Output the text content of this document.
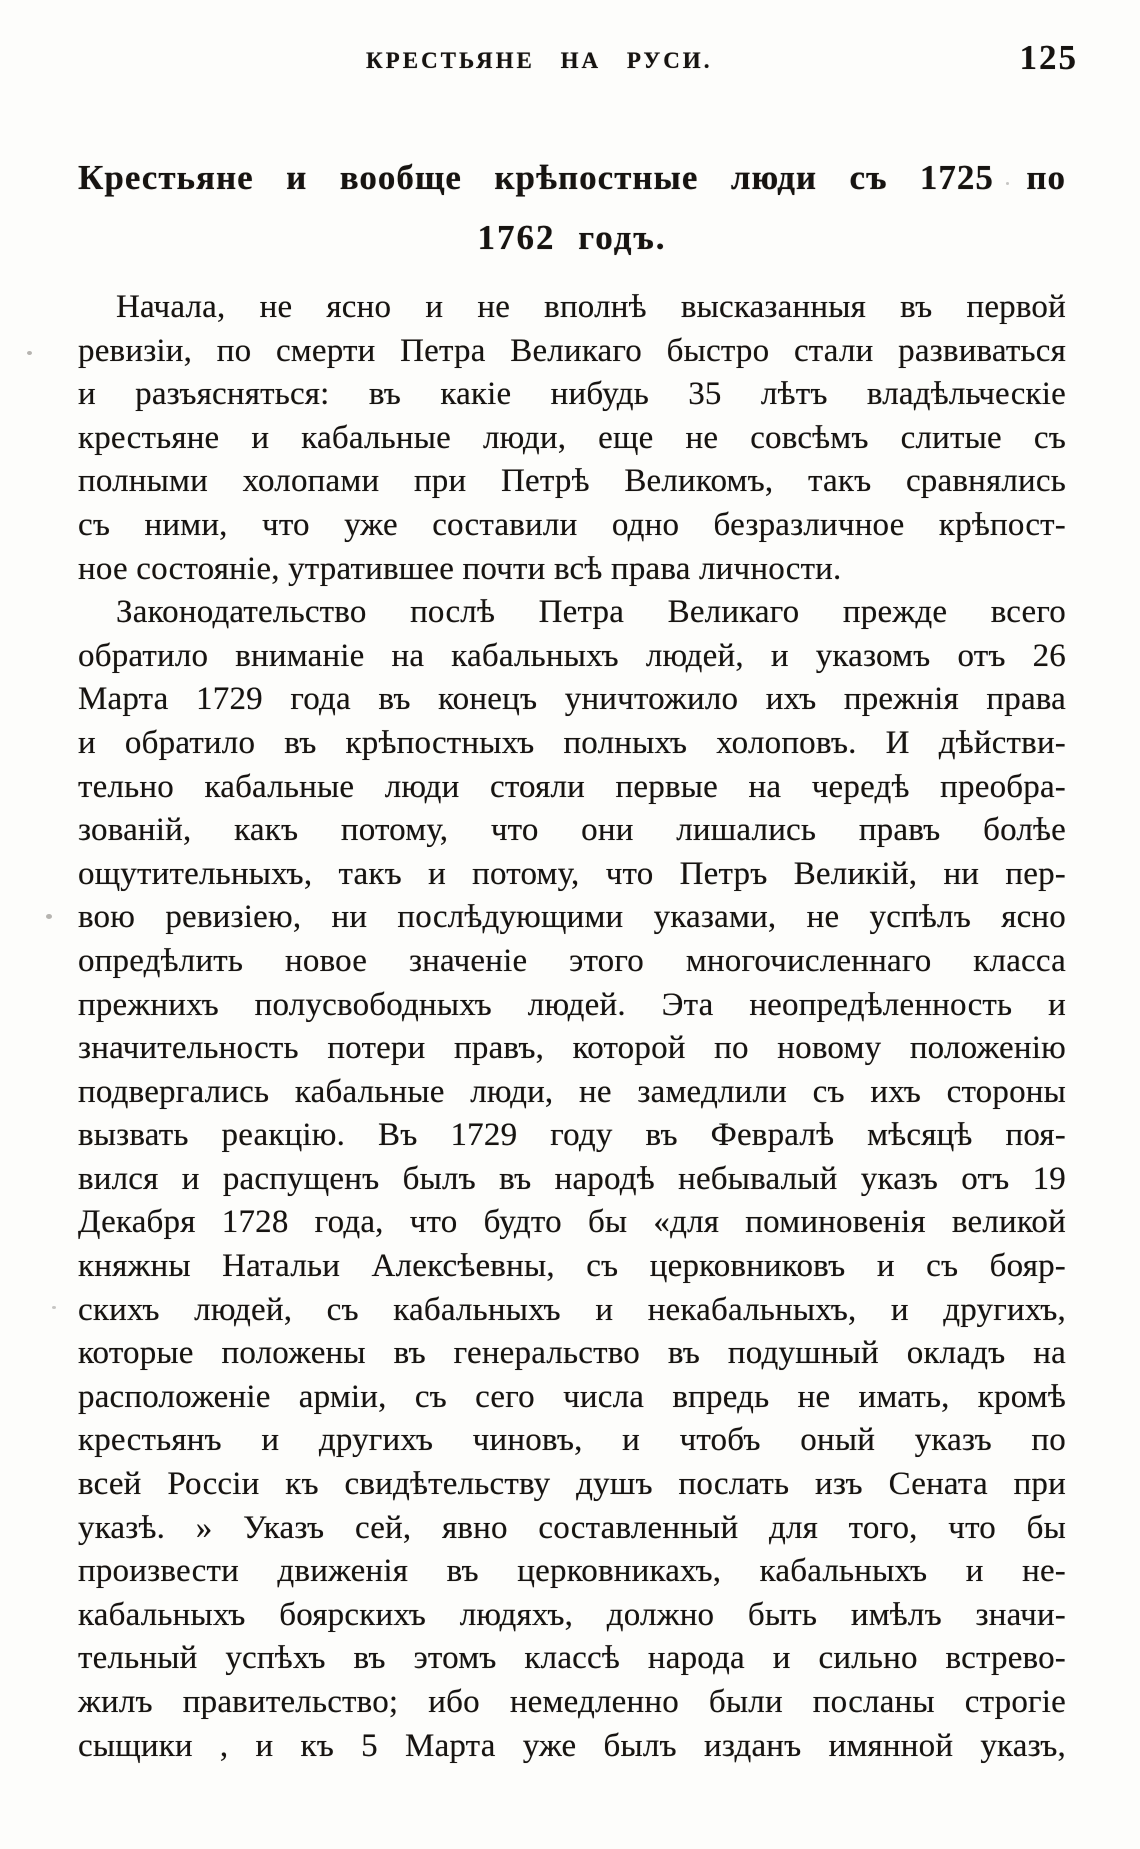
КРЕСТЬЯНЕ НА РУСИ.	125
Крестьяне и вообще крѣпостные люди съ 1725 по
1762 годъ.
Начала, не ясно и не вполнѣ высказанныя въ первой
ревизіи, по смерти Петра Великаго быстро стали развиваться
и разъясняться: въ какіе нибудь 35 лѣтъ владѣльческіе
крестьяне и кабальные люди, еще не совсѣмъ слитые съ
полными холопами при Петрѣ Великомъ, такъ сравнялись
съ ними, что уже составили одно безразличное крѣпост-
ное состояніе, утратившее почти всѣ права личности.
Законодательство послѣ Петра Великаго прежде всего
обратило вниманіе на кабальныхъ людей, и указомъ отъ 26
Марта 1729 года въ конецъ уничтожило ихъ прежнія права
и обратило въ крѣпостныхъ полныхъ холоповъ. И дѣйстви-
тельно кабальные люди стояли первые на чередѣ преобра-
зованій, какъ потому, что они лишались правъ болѣе
ощутительныхъ, такъ и потому, что Петръ Великій, ни пер-
вою ревизіею, ни послѣдующими указами, не успѣлъ ясно
опредѣлить новое значеніе этого многочисленнаго класса
прежнихъ полусвободныхъ людей. Эта неопредѣленность и
значительность потери правъ, которой по новому положенію
подвергались кабальные люди, не замедлили съ ихъ стороны
вызвать реакцію. Въ 1729 году въ Февралѣ мѣсяцѣ поя-
вился и распущенъ былъ въ народѣ небывалый указъ отъ 19
Декабря 1728 года, что будто бы «для поминовенія великой
княжны Натальи Алексѣевны, съ церковниковъ и съ бояр-
скихъ людей, съ кабальныхъ и некабальныхъ, и другихъ,
которые положены въ генеральство въ подушный окладъ на
расположеніе арміи, съ сего числа впредь не имать, кромѣ
крестьянъ и другихъ чиновъ, и чтобъ оный указъ по
всей Россіи къ свидѣтельству душъ послать изъ Сената при
указѣ. » Указъ сей, явно составленный для того, что бы
произвести движенія въ церковникахъ, кабальныхъ и не-
кабальныхъ боярскихъ людяхъ, должно быть имѣлъ значи-
тельный успѣхъ въ этомъ классѣ народа и сильно встрево-
жилъ правительство; ибо немедленно были посланы строгіе
сыщики , и къ 5 Марта уже былъ изданъ имянной указъ,
